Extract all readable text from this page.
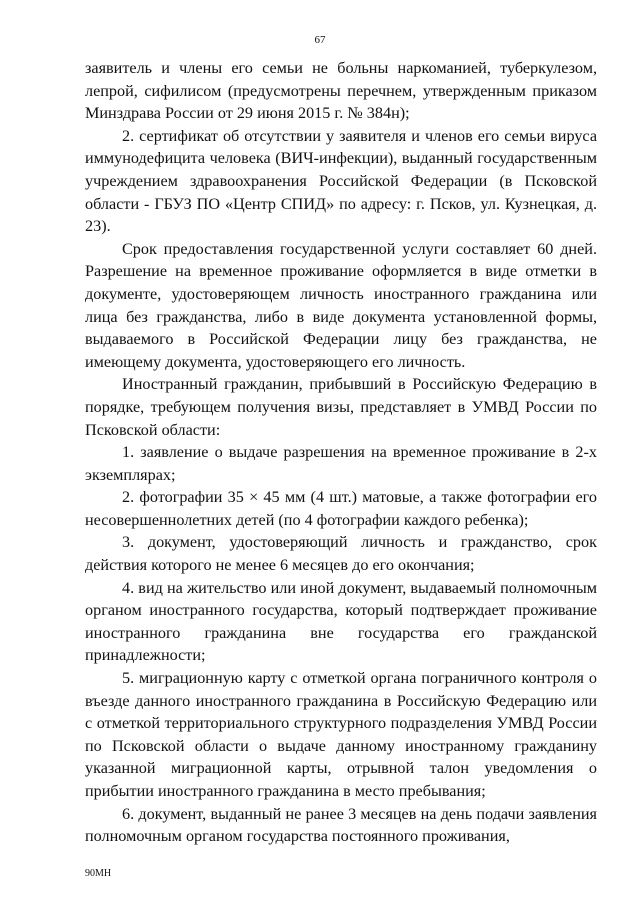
67

заявитель и члены его семьи не больны наркоманией, туберкулезом, лепрой, сифилисом (предусмотрены перечнем, утвержденным приказом Минздрава России от 29 июня 2015 г. № 384н);

2. сертификат об отсутствии у заявителя и членов его семьи вируса иммунодефицита человека (ВИЧ-инфекции), выданный государственным учреждением здравоохранения Российской Федерации (в Псковской области - ГБУЗ ПО «Центр СПИД» по адресу: г. Псков, ул. Кузнецкая, д. 23).

Срок предоставления государственной услуги составляет 60 дней. Разрешение на временное проживание оформляется в виде отметки в документе, удостоверяющем личность иностранного гражданина или лица без гражданства, либо в виде документа установленной формы, выдаваемого в Российской Федерации лицу без гражданства, не имеющему документа, удостоверяющего его личность.

Иностранный гражданин, прибывший в Российскую Федерацию в порядке, требующем получения визы, представляет в УМВД России по Псковской области:

1. заявление о выдаче разрешения на временное проживание в 2-х экземплярах;

2. фотографии 35 × 45 мм (4 шт.) матовые, а также фотографии его несовершеннолетних детей (по 4 фотографии каждого ребенка);

3. документ, удостоверяющий личность и гражданство, срок действия которого не менее 6 месяцев до его окончания;

4. вид на жительство или иной документ, выдаваемый полномочным органом иностранного государства, который подтверждает проживание иностранного гражданина вне государства его гражданской принадлежности;

5. миграционную карту с отметкой органа пограничного контроля о въезде данного иностранного гражданина в Российскую Федерацию или с отметкой территориального структурного подразделения УМВД России по Псковской области о выдаче данному иностранному гражданину указанной миграционной карты, отрывной талон уведомления о прибытии иностранного гражданина в место пребывания;

6. документ, выданный не ранее 3 месяцев на день подачи заявления полномочным органом государства постоянного проживания,

90МН
